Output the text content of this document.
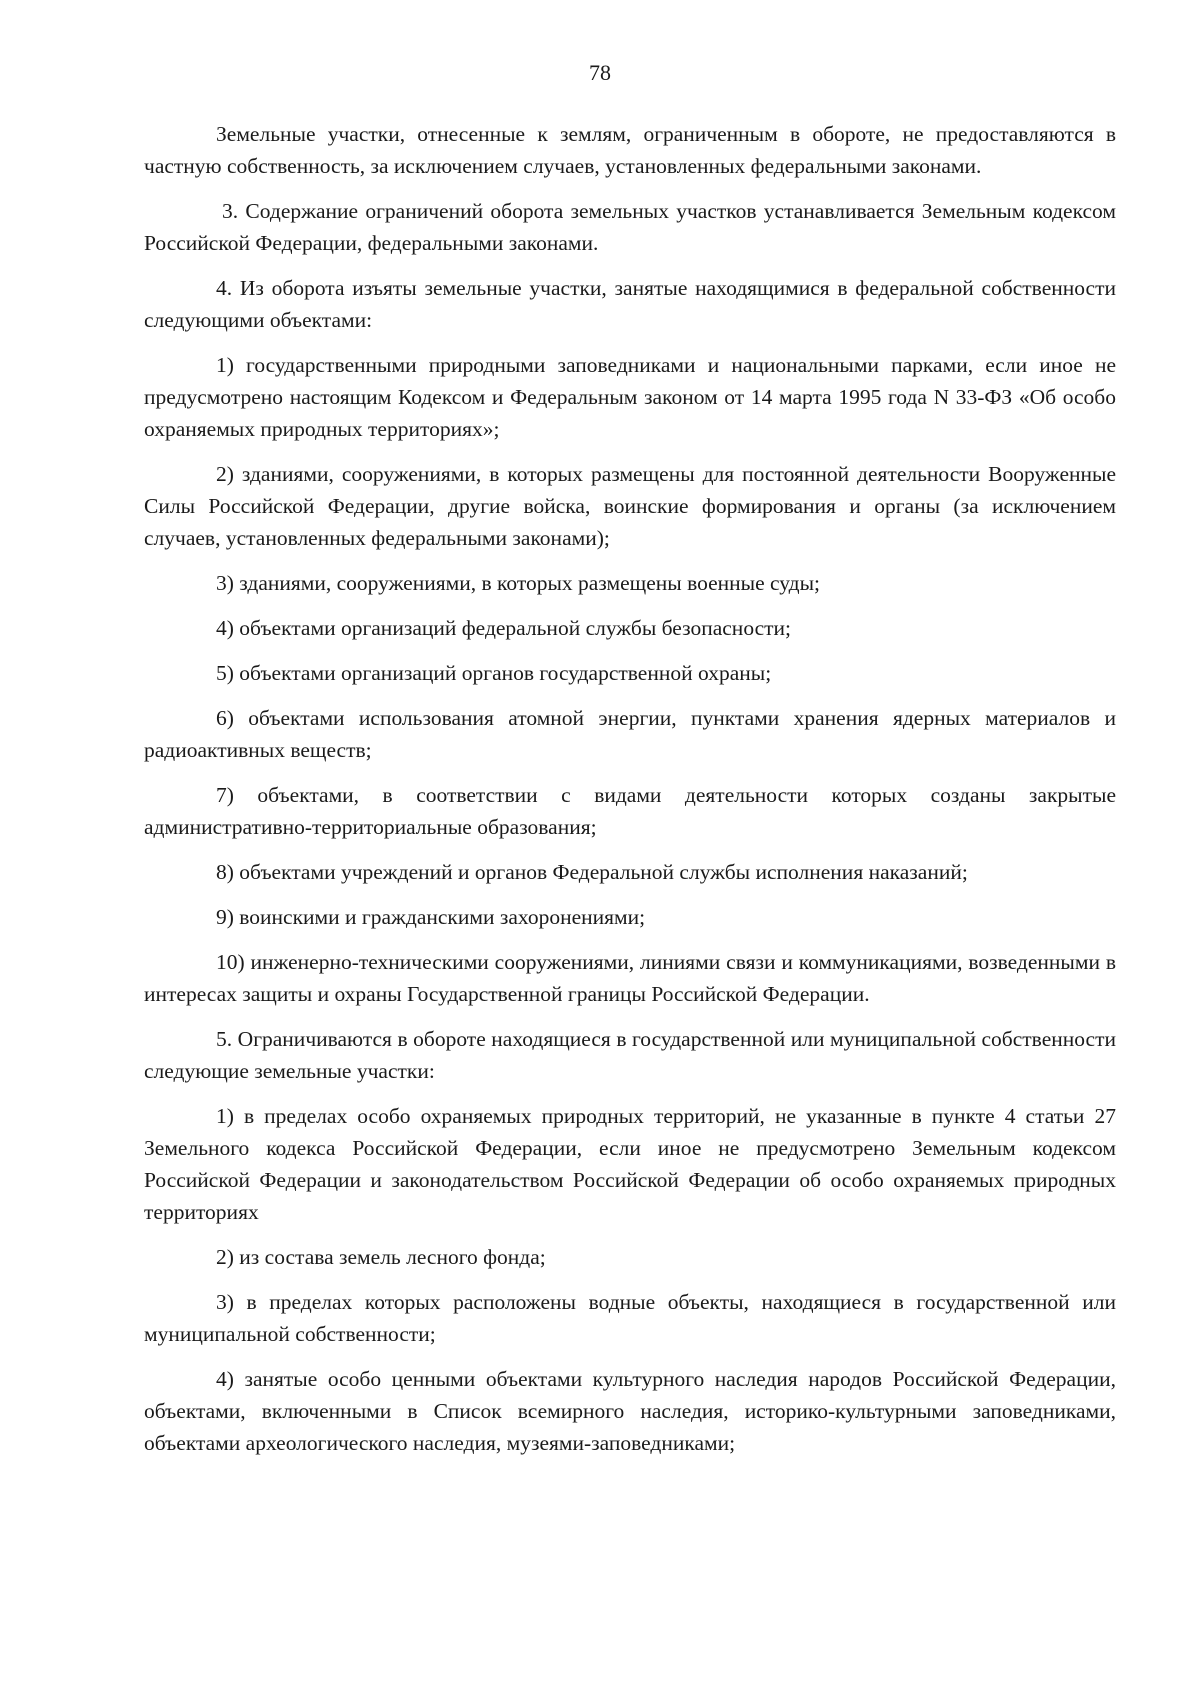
78

Земельные участки, отнесенные к землям, ограниченным в обороте, не предоставляются в частную собственность, за исключением случаев, установленных федеральными законами.

3. Содержание ограничений оборота земельных участков устанавливается Земельным кодексом Российской Федерации, федеральными законами.

4. Из оборота изъяты земельные участки, занятые находящимися в федеральной собственности следующими объектами:

1) государственными природными заповедниками и национальными парками, если иное не предусмотрено настоящим Кодексом и Федеральным законом от 14 марта 1995 года N 33-ФЗ «Об особо охраняемых природных территориях»;

2) зданиями, сооружениями, в которых размещены для постоянной деятельности Вооруженные Силы Российской Федерации, другие войска, воинские формирования и органы (за исключением случаев, установленных федеральными законами);

3) зданиями, сооружениями, в которых размещены военные суды;

4) объектами организаций федеральной службы безопасности;

5) объектами организаций органов государственной охраны;

6) объектами использования атомной энергии, пунктами хранения ядерных материалов и радиоактивных веществ;

7) объектами, в соответствии с видами деятельности которых созданы закрытые административно-территориальные образования;

8) объектами учреждений и органов Федеральной службы исполнения наказаний;

9) воинскими и гражданскими захоронениями;

10) инженерно-техническими сооружениями, линиями связи и коммуникациями, возведенными в интересах защиты и охраны Государственной границы Российской Федерации.

5. Ограничиваются в обороте находящиеся в государственной или муниципальной собственности следующие земельные участки:

1) в пределах особо охраняемых природных территорий, не указанные в пункте 4 статьи 27 Земельного кодекса Российской Федерации, если иное не предусмотрено Земельным кодексом Российской Федерации и законодательством Российской Федерации об особо охраняемых природных территориях

2) из состава земель лесного фонда;

3) в пределах которых расположены водные объекты, находящиеся в государственной или муниципальной собственности;

4) занятые особо ценными объектами культурного наследия народов Российской Федерации, объектами, включенными в Список всемирного наследия, историко-культурными заповедниками, объектами археологического наследия, музеями-заповедниками;
